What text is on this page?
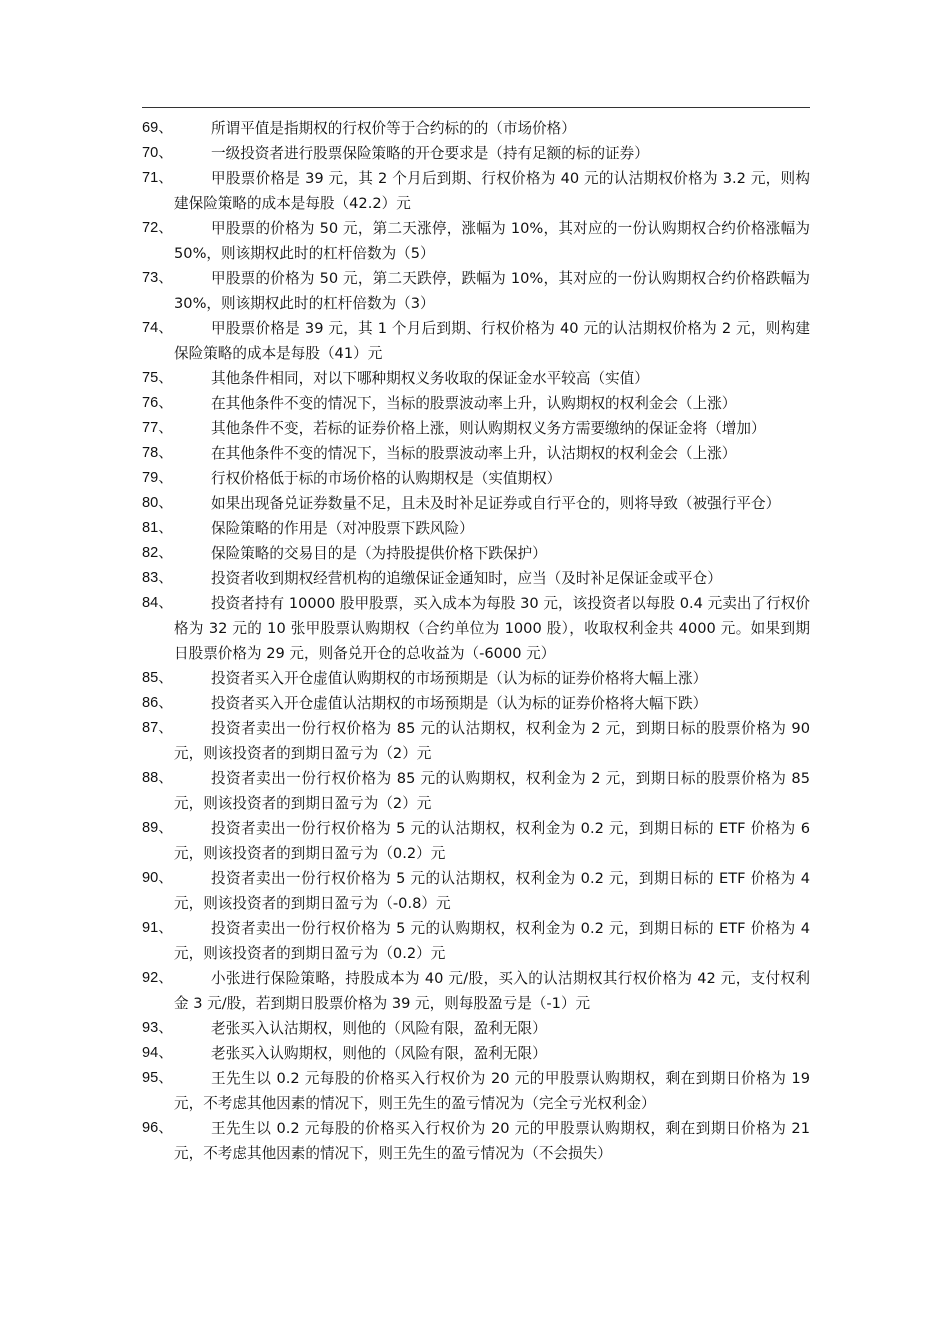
69、	所谓平值是指期权的行权价等于合约标的的（市场价格）
70、	一级投资者进行股票保险策略的开仓要求是（持有足额的标的证券）
71、	甲股票价格是 39 元，其 2 个月后到期、行权价格为 40 元的认沽期权价格为 3.2 元，则构建保险策略的成本是每股（42.2）元
72、	甲股票的价格为 50 元，第二天涨停，涨幅为 10%，其对应的一份认购期权合约价格涨幅为 50%，则该期权此时的杠杆倍数为（5）
73、	甲股票的价格为 50 元，第二天跌停，跌幅为 10%，其对应的一份认购期权合约价格跌幅为 30%，则该期权此时的杠杆倍数为（3）
74、	甲股票价格是 39 元，其 1 个月后到期、行权价格为 40 元的认沽期权价格为 2 元，则构建保险策略的成本是每股（41）元
75、	其他条件相同，对以下哪种期权义务收取的保证金水平较高（实值）
76、	在其他条件不变的情况下，当标的股票波动率上升，认购期权的权利金会（上涨）
77、	其他条件不变，若标的证券价格上涨，则认购期权义务方需要缴纳的保证金将（增加）
78、	在其他条件不变的情况下，当标的股票波动率上升，认沽期权的权利金会（上涨）
79、	行权价格低于标的市场价格的认购期权是（实值期权）
80、	如果出现备兑证券数量不足，且未及时补足证券或自行平仓的，则将导致（被强行平仓）
81、	保险策略的作用是（对冲股票下跌风险）
82、	保险策略的交易目的是（为持股提供价格下跌保护）
83、	投资者收到期权经营机构的追缴保证金通知时，应当（及时补足保证金或平仓）
84、	投资者持有 10000 股甲股票，买入成本为每股 30 元，该投资者以每股 0.4 元卖出了行权价格为 32 元的 10 张甲股票认购期权（合约单位为 1000 股），收取权利金共 4000 元。如果到期日股票价格为 29 元，则备兑开仓的总收益为（-6000 元）
85、	投资者买入开仓虚值认购期权的市场预期是（认为标的证券价格将大幅上涨）
86、	投资者买入开仓虚值认沽期权的市场预期是（认为标的证券价格将大幅下跌）
87、	投资者卖出一份行权价格为 85 元的认沽期权，权利金为 2 元，到期日标的股票价格为 90 元，则该投资者的到期日盈亏为（2）元
88、	投资者卖出一份行权价格为 85 元的认购期权，权利金为 2 元，到期日标的股票价格为 85 元，则该投资者的到期日盈亏为（2）元
89、	投资者卖出一份行权价格为 5 元的认沽期权，权利金为 0.2 元，到期日标的 ETF 价格为 6 元，则该投资者的到期日盈亏为（0.2）元
90、	投资者卖出一份行权价格为 5 元的认沽期权，权利金为 0.2 元，到期日标的 ETF 价格为 4 元，则该投资者的到期日盈亏为（-0.8）元
91、	投资者卖出一份行权价格为 5 元的认购期权，权利金为 0.2 元，到期日标的 ETF 价格为 4 元，则该投资者的到期日盈亏为（0.2）元
92、	小张进行保险策略，持股成本为 40 元/股，买入的认沽期权其行权价格为 42 元，支付权利金 3 元/股，若到期日股票价格为 39 元，则每股盈亏是（-1）元
93、	老张买入认沽期权，则他的（风险有限，盈利无限）
94、	老张买入认购期权，则他的（风险有限，盈利无限）
95、	王先生以 0.2 元每股的价格买入行权价为 20 元的甲股票认购期权，剩在到期日价格为 19 元，不考虑其他因素的情况下，则王先生的盈亏情况为（完全亏光权利金）
96、	王先生以 0.2 元每股的价格买入行权价为 20 元的甲股票认购期权，剩在到期日价格为 21 元，不考虑其他因素的情况下，则王先生的盈亏情况为（不会损失）
